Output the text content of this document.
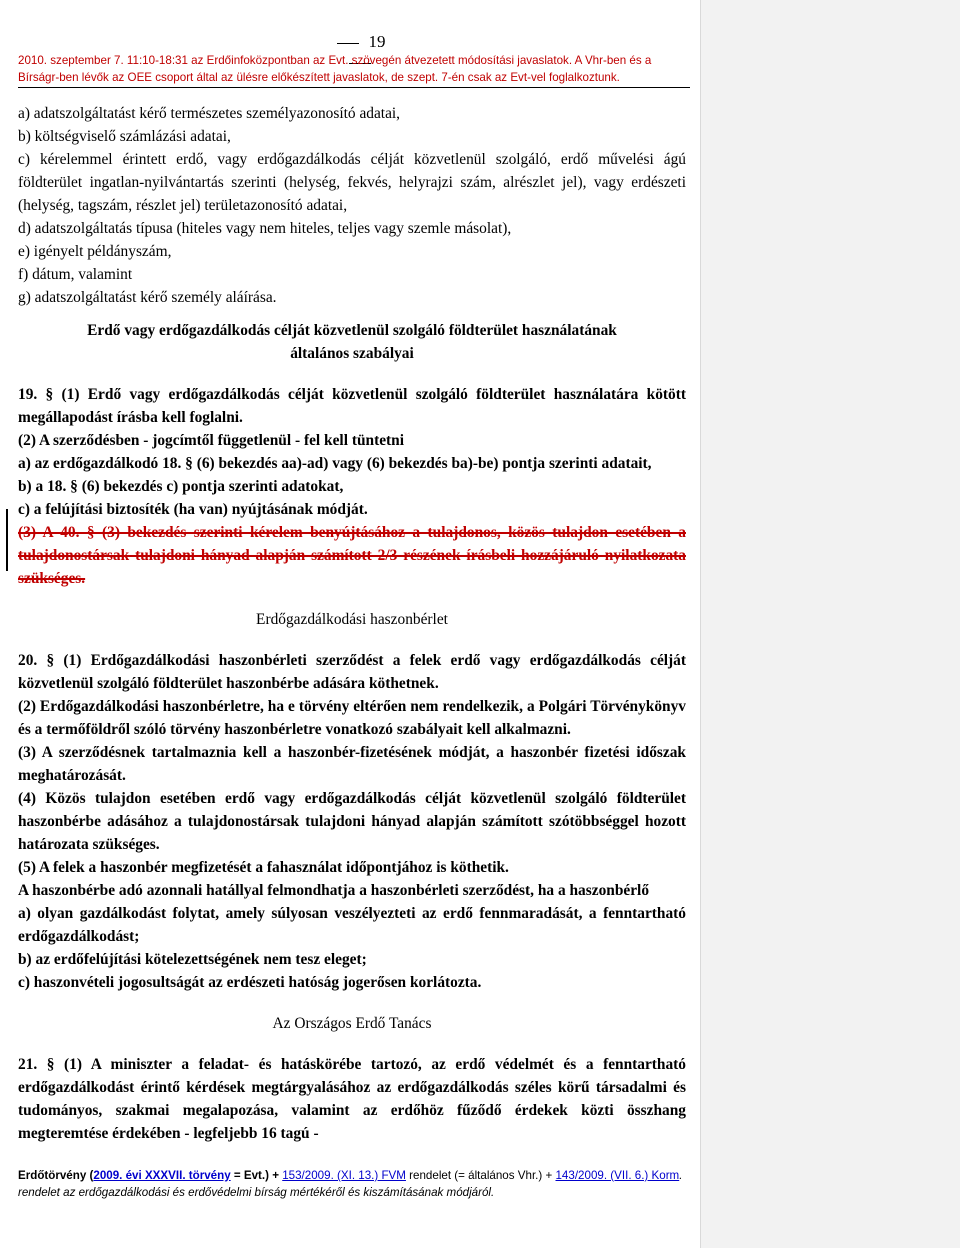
19
2010. szeptember 7. 11:10-18:31 az Erdőinfoközpontban az Evt. szövegén átvezetett módosítási javaslatok. A Vhr-ben és a Bírságr-ben lévők az OEE csoport által az ülésre előkészített javaslatok, de szept. 7-én csak az Evt-vel foglalkoztunk.

a) adatszolgáltatást kérő természetes személyazonosító adatai,

b) költségviselő számlázási adatai,

c) kérelemmel érintett erdő, vagy erdőgazdálkodás célját közvetlenül szolgáló, erdő művelési ágú földterület ingatlan-nyilvántartás szerinti (helység, fekvés, helyrajzi szám, alrészlet jel), vagy erdészeti (helység, tagszám, részlet jel) területazonosító adatai,

d) adatszolgáltatás típusa (hiteles vagy nem hiteles, teljes vagy szemle másolat),

e) igényelt példányszám,

f) dátum, valamint

g) adatszolgáltatást kérő személy aláírása.

Erdő vagy erdőgazdálkodás célját közvetlenül szolgáló földterület használatának

általános szabályai

19. § (1) Erdő vagy erdőgazdálkodás célját közvetlenül szolgáló földterület használatára kötött megállapodást írásba kell foglalni.

(2) A szerződésben - jogcímtől függetlenül - fel kell tüntetni

a) az erdőgazdálkodó 18. § (6) bekezdés aa)-ad) vagy (6) bekezdés ba)-be) pontja szerinti adatait,

b) a 18. § (6) bekezdés c) pontja szerinti adatokat,

c) a felújítási biztosíték (ha van) nyújtásának módját.

(3) A 40. § (3) bekezdés szerinti kérelem benyújtásához a tulajdonos, közös tulajdon esetében a tulajdonostársak tulajdoni hányad alapján számított 2/3 részének írásbeli hozzájáruló nyilatkozata szükséges.

Erdőgazdálkodási haszonbérlet

20. § (1) Erdőgazdálkodási haszonbérleti szerződést a felek erdő vagy erdőgazdálkodás célját közvetlenül szolgáló földterület haszonbérbe adására köthetnek.

(2) Erdőgazdálkodási haszonbérletre, ha e törvény eltérően nem rendelkezik, a Polgári Törvénykönyv és a termőföldről szóló törvény haszonbérletre vonatkozó szabályait kell alkalmazni.

(3) A szerződésnek tartalmaznia kell a haszonbér-fizetésének módját, a haszonbér fizetési időszak meghatározását.

(4) Közös tulajdon esetében erdő vagy erdőgazdálkodás célját közvetlenül szolgáló földterület haszonbérbe adásához a tulajdonostársak tulajdoni hányad alapján számított szótöbbséggel hozott határozata szükséges.

(5) A felek a haszonbér megfizetését a fahasználat időpontjához is köthetik.

A haszonbérbe adó azonnali hatállyal felmondhatja a haszonbérleti szerződést, ha a haszonbérlő

a) olyan gazdálkodást folytat, amely súlyosan veszélyezteti az erdő fennmaradását, a fenntartható erdőgazdálkodást;

b) az erdőfelújítási kötelezettségének nem tesz eleget;

c) haszonvételi jogosultságát az erdészeti hatóság jogerősen korlátozta.

Az Országos Erdő Tanács

21. § (1) A miniszter a feladat- és hatáskörébe tartozó, az erdő védelmét és a fenntartható erdőgazdálkodást érintő kérdések megtárgyalásához az erdőgazdálkodás széles körű társadalmi és tudományos, szakmai megalapozása, valamint az erdőhöz fűződő érdekek közti összhang megteremtése érdekében - legfeljebb 16 tagú -

Erdőtörvény (2009. évi XXXVII. törvény = Evt.) + 153/2009. (XI. 13.) FVM rendelet (= általános Vhr.) + 143/2009. (VII. 6.) Korm. rendelet az erdőgazdálkodási és erdővédelmi bírság mértékéről és kiszámításának módjáról.
